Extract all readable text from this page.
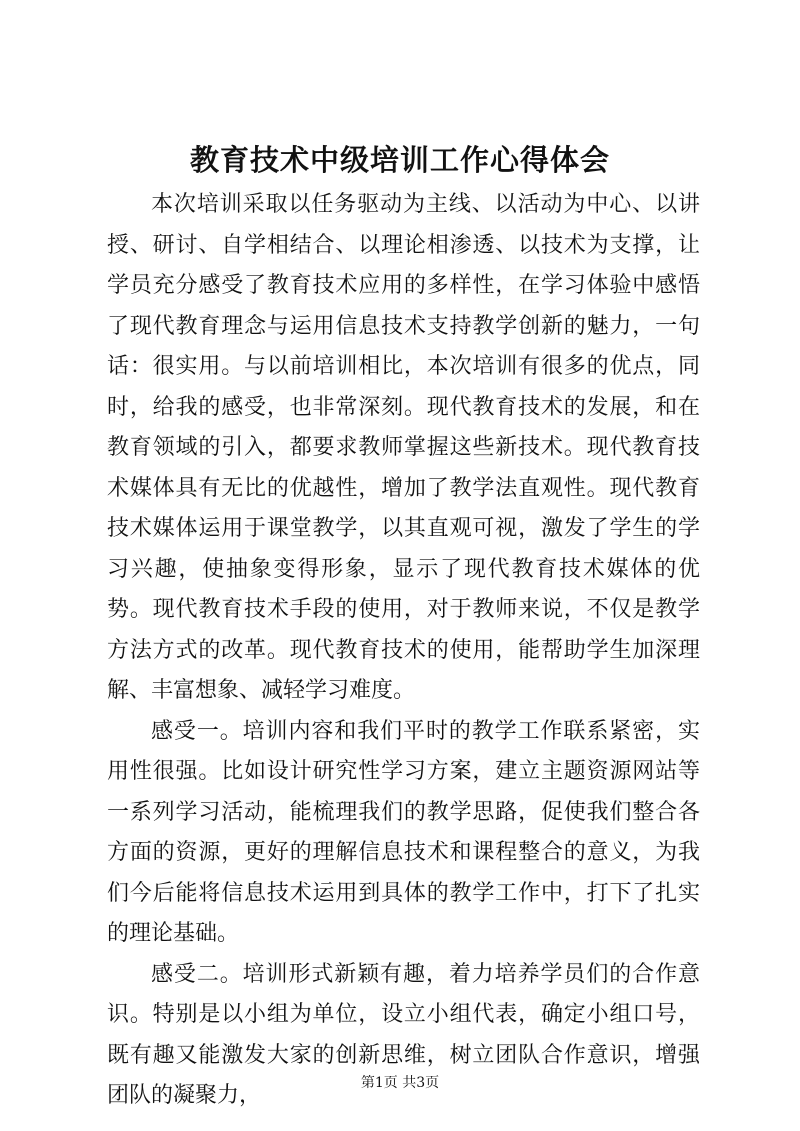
教育技术中级培训工作心得体会

本次培训采取以任务驱动为主线、以活动为中心、以讲授、研讨、自学相结合、以理论相渗透、以技术为支撑，让学员充分感受了教育技术应用的多样性，在学习体验中感悟了现代教育理念与运用信息技术支持教学创新的魅力，一句话：很实用。与以前培训相比，本次培训有很多的优点，同时，给我的感受，也非常深刻。现代教育技术的发展，和在教育领域的引入，都要求教师掌握这些新技术。现代教育技术媒体具有无比的优越性，增加了教学法直观性。现代教育技术媒体运用于课堂教学，以其直观可视，激发了学生的学习兴趣，使抽象变得形象，显示了现代教育技术媒体的优势。现代教育技术手段的使用，对于教师来说，不仅是教学方法方式的改革。现代教育技术的使用，能帮助学生加深理解、丰富想象、减轻学习难度。

感受一。培训内容和我们平时的教学工作联系紧密，实用性很强。比如设计研究性学习方案，建立主题资源网站等一系列学习活动，能梳理我们的教学思路，促使我们整合各方面的资源，更好的理解信息技术和课程整合的意义，为我们今后能将信息技术运用到具体的教学工作中，打下了扎实的理论基础。

感受二。培训形式新颖有趣，着力培养学员们的合作意识。特别是以小组为单位，设立小组代表，确定小组口号，既有趣又能激发大家的创新思维，树立团队合作意识，增强团队的凝聚力，	第1页 共3页
